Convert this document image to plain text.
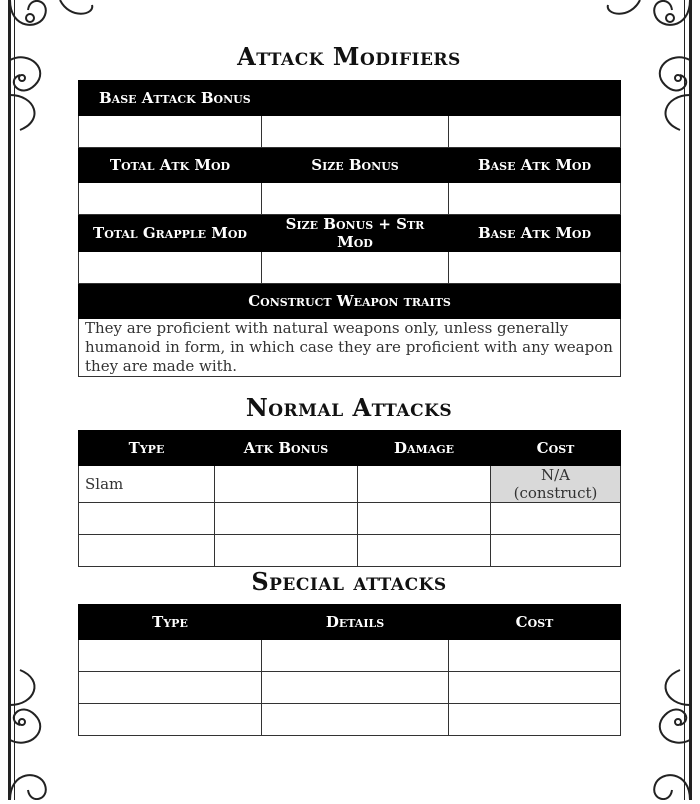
Attack Modifiers
Base Attack Bonus		

Total Atk Mod	Size Bonus	Base Atk Mod

Total Grapple Mod	Size Bonus + Str Mod	Base Atk Mod

Construct Weapon traits		
They are proficient with natural weapons only, unless generally humanoid in form, in which case they are proficient with any weapon they are made with.		
Normal Attacks
Type	Atk Bonus	Damage	Cost
Slam			N/A (construct)

Special attacks
Type	Details	Cost
